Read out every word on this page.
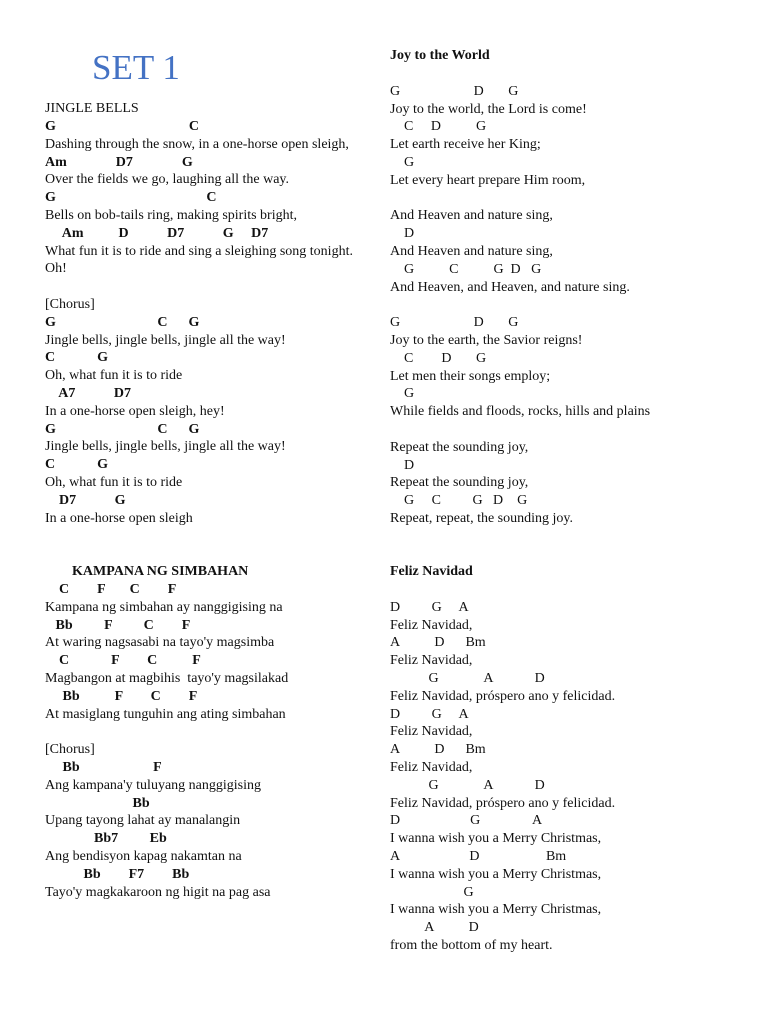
SET 1
JINGLE BELLS
G                                      C
Dashing through the snow, in a one-horse open sleigh,
Am              D7              G
Over the fields we go, laughing all the way.
G                                           C
Bells on bob-tails ring, making spirits bright,
Am          D           D7           G     D7
What fun it is to ride and sing a sleighing song tonight.
Oh!
[Chorus]
G                             C      G
Jingle bells, jingle bells, jingle all the way!
C            G
Oh, what fun it is to ride
A7           D7
In a one-horse open sleigh, hey!
G                             C      G
Jingle bells, jingle bells, jingle all the way!
C            G
Oh, what fun it is to ride
D7           G
In a one-horse open sleigh
KAMPANA NG SIMBAHAN
C        F       C        F
Kampana ng simbahan ay nanggigising na
Bb         F         C        F
At waring nagsasabi na tayo'y magsimba
C            F        C          F
Magbangon at magbihis  tayo'y magsilakad
Bb          F        C        F
At masiglang tunguhin ang ating simbahan
[Chorus]
Bb                     F
Ang kampana'y tuluyang nanggigising
Bb
Upang tayong lahat ay manalangin
Bb7         Eb
Ang bendisyon kapag nakamtan na
Bb        F7        Bb
Tayo'y magkakaroon ng higit na pag asa
Joy to the World
G                     D       G
Joy to the world, the Lord is come!
C     D          G
Let earth receive her King;
G
Let every heart prepare Him room,
And Heaven and nature sing,
D
And Heaven and nature sing,
G          C          G  D   G
And Heaven, and Heaven, and nature sing.
G                     D       G
Joy to the earth, the Savior reigns!
C        D       G
Let men their songs employ;
G
While fields and floods, rocks, hills and plains
Repeat the sounding joy,
D
Repeat the sounding joy,
G     C         G   D    G
Repeat, repeat, the sounding joy.
Feliz Navidad
D         G     A
Feliz Navidad,
A          D      Bm
Feliz Navidad,
G             A            D
Feliz Navidad, próspero ano y felicidad.
D         G     A
Feliz Navidad,
A          D      Bm
Feliz Navidad,
G             A            D
Feliz Navidad, próspero ano y felicidad.
D                    G               A
I wanna wish you a Merry Christmas,
A                    D                   Bm
I wanna wish you a Merry Christmas,
G
I wanna wish you a Merry Christmas,
A          D
from the bottom of my heart.
